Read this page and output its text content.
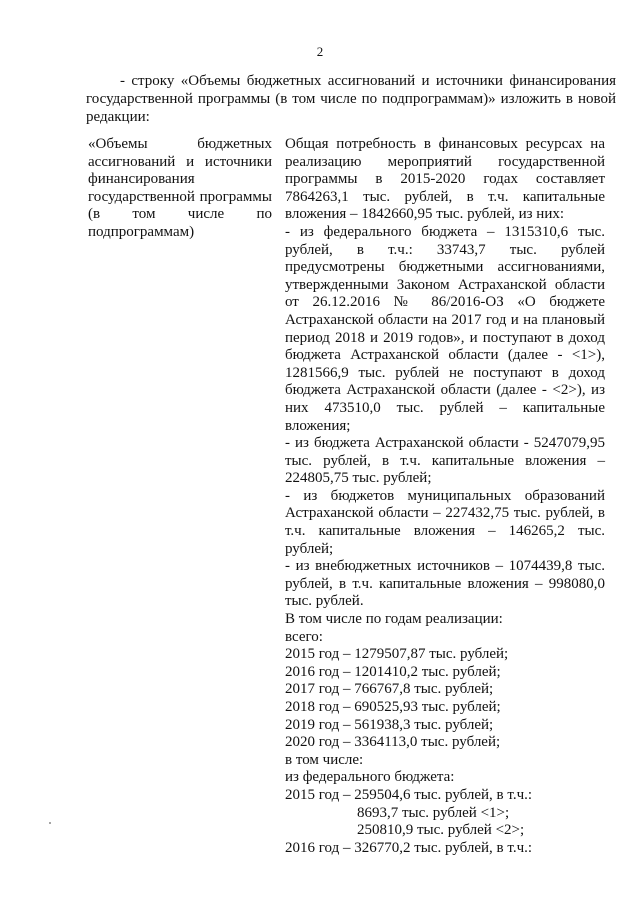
2

- строку «Объемы бюджетных ассигнований и источники финансирования государственной программы (в том числе по подпрограммам)» изложить в новой редакции:

«Объемы бюджетных ассигнований и источники финансирования государственной программы (в том числе по подпрограммам)

Общая потребность в финансовых ресурсах на реализацию мероприятий государственной программы в 2015-2020 годах составляет 7864263,1 тыс. рублей, в т.ч. капитальные вложения – 1842660,95 тыс. рублей, из них:

- из федерального бюджета – 1315310,6 тыс. рублей, в т.ч.: 33743,7 тыс. рублей предусмотрены бюджетными ассигнованиями, утвержденными Законом Астраханской области от 26.12.2016 № 86/2016-ОЗ «О бюджете Астраханской области на 2017 год и на плановый период 2018 и 2019 годов», и поступают в доход бюджета Астраханской области (далее - <1>), 1281566,9 тыс. рублей не поступают в доход бюджета Астраханской области (далее - <2>), из них 473510,0 тыс. рублей – капитальные вложения;

- из бюджета Астраханской области - 5247079,95 тыс. рублей, в т.ч. капитальные вложения – 224805,75 тыс. рублей;

- из бюджетов муниципальных образований Астраханской области – 227432,75 тыс. рублей, в т.ч. капитальные вложения – 146265,2 тыс. рублей;

- из внебюджетных источников – 1074439,8 тыс. рублей, в т.ч. капитальные вложения – 998080,0 тыс. рублей.

В том числе по годам реализации:

всего:

2015 год – 1279507,87 тыс. рублей;

2016 год – 1201410,2 тыс. рублей;

2017 год – 766767,8 тыс. рублей;

2018 год – 690525,93 тыс. рублей;

2019 год – 561938,3 тыс. рублей;

2020 год – 3364113,0 тыс. рублей;

в том числе:

из федерального бюджета:

2015 год – 259504,6 тыс. рублей, в т.ч.:

8693,7 тыс. рублей <1>;

250810,9 тыс. рублей <2>;

2016 год – 326770,2 тыс. рублей, в т.ч.:
